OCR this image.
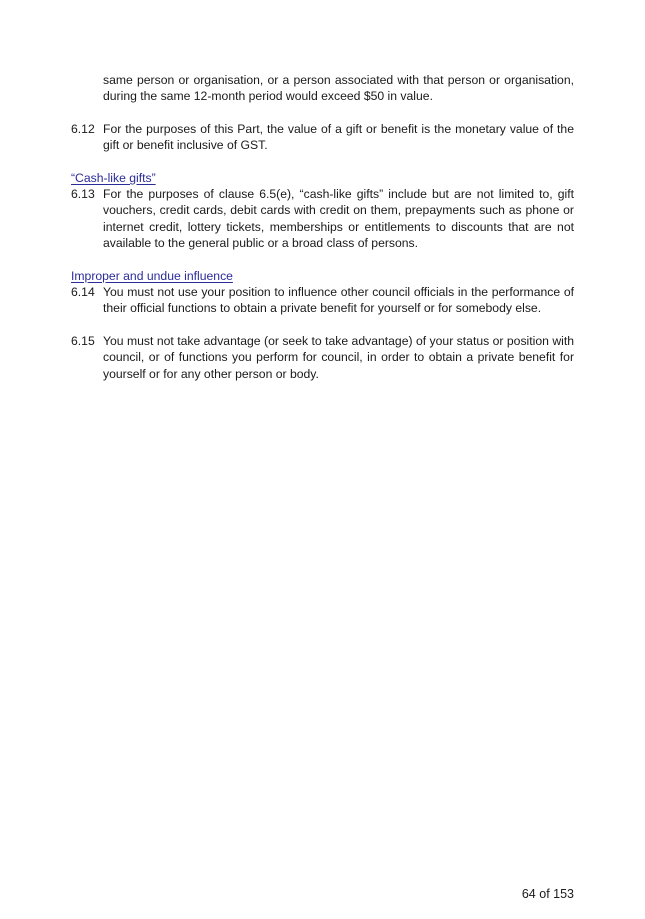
same person or organisation, or a person associated with that person or organisation, during the same 12-month period would exceed $50 in value.
6.12 For the purposes of this Part, the value of a gift or benefit is the monetary value of the gift or benefit inclusive of GST.
“Cash-like gifts”
6.13 For the purposes of clause 6.5(e), “cash-like gifts” include but are not limited to, gift vouchers, credit cards, debit cards with credit on them, prepayments such as phone or internet credit, lottery tickets, memberships or entitlements to discounts that are not available to the general public or a broad class of persons.
Improper and undue influence
6.14 You must not use your position to influence other council officials in the performance of their official functions to obtain a private benefit for yourself or for somebody else.
6.15 You must not take advantage (or seek to take advantage) of your status or position with council, or of functions you perform for council, in order to obtain a private benefit for yourself or for any other person or body.
64 of 153
